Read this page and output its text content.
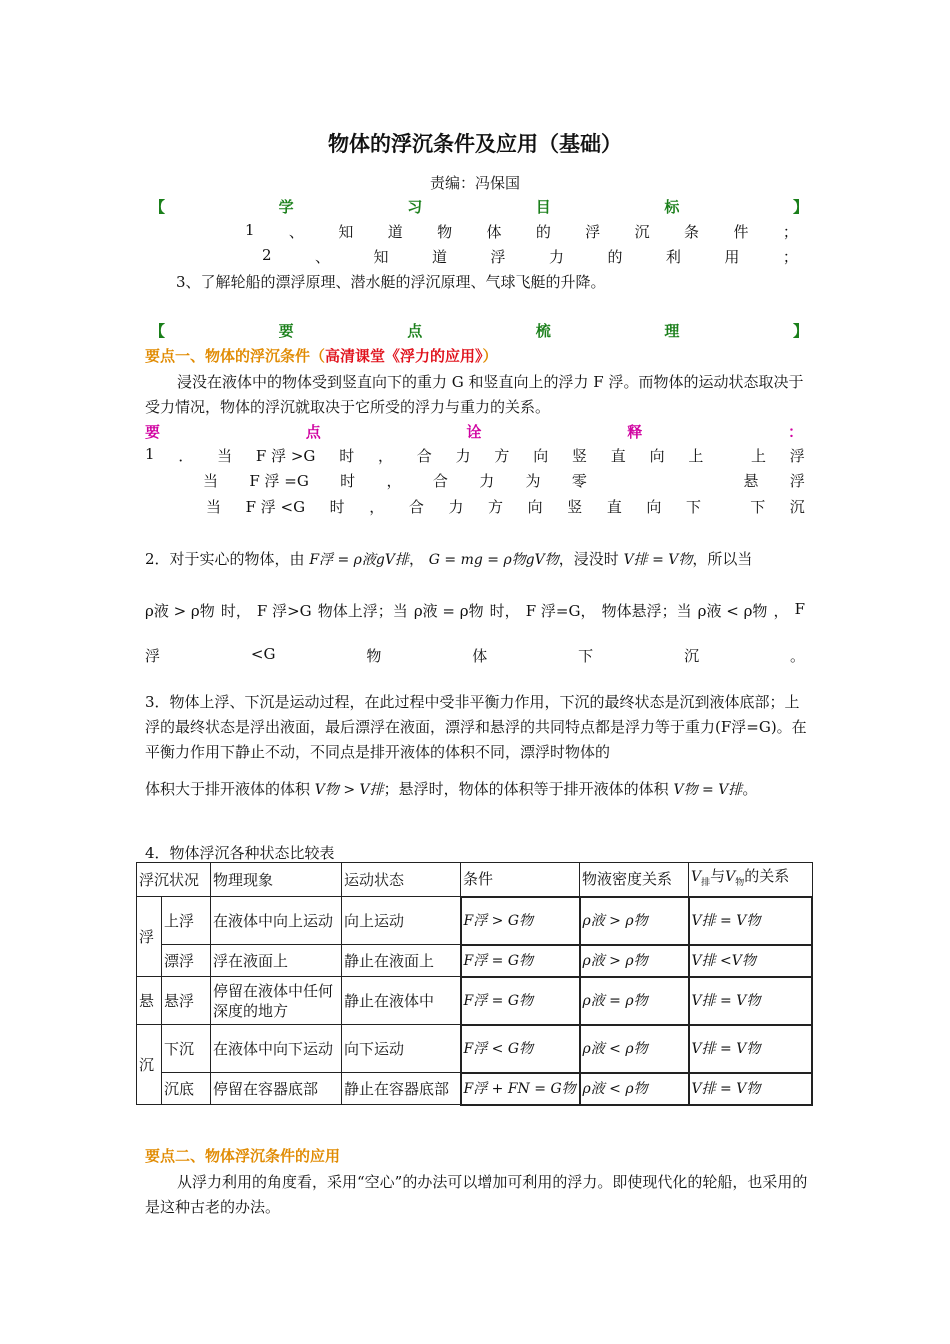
物体的浮沉条件及应用（基础）
责编：冯保国
【	学	习	目	标	】
1 、 知 道 物 体 的 浮 沉 条 件 ；
2	、	知	道	浮	力	的	利	用	；
3、了解轮船的漂浮原理、潜水艇的浮沉原理、气球飞艇的升降。
【	要	点	梳	理	】
要点一、物体的浮沉条件（高清课堂《浮力的应用》）
浸没在液体中的物体受到竖直向下的重力 G 和竖直向上的浮力 F 浮。而物体的运动状态取决于受力情况，物体的浮沉就取决于它所受的浮力与重力的关系。
要	点	诠	释	：
1 ． 当 F 浮 >G 时 ， 合 力 方 向 竖 直 向 上	上 浮
当 F 浮 =G 时 ， 合 力 为 零	悬 浮
当 F 浮 <G 时 ， 合 力 方 向 竖 直 向 下	下 沉
2．对于实心的物体，由 F浮 = ρ液gV排， G = mg = ρ物gV物，浸没时 V排 = V物，所以当
ρ液 > ρ物 时， F 浮>G 物体上浮；当 ρ液 = ρ物 时， F 浮=G， 物体悬浮；当 ρ液 < ρ物 ， F
浮	<G	物	体	下	沉	。
3．物体上浮、下沉是运动过程，在此过程中受非平衡力作用，下沉的最终状态是沉到液体底部；上浮的最终状态是浮出液面，最后漂浮在液面，漂浮和悬浮的共同特点都是浮力等于重力(F浮=G)。在平衡力作用下静止不动，不同点是排开液体的体积不同，漂浮时物体的
体积大于排开液体的体积 V物 > V排；悬浮时，物体的体积等于排开液体的体积 V物 = V排。
4．物体浮沉各种状态比较表
浮沉状况		物理现象	运动状态	条件	物液密度关系	$V_排$与$V_物$的关系
浮	上浮	在液体中向上运动	向上运动	F浮 > G物	ρ液 > ρ物	V排 = V物
	漂浮	浮在液面上	静止在液面上	F浮 = G物	ρ液 > ρ物	V排 <V物
悬	悬浮	停留在液体中任何深度的地方	静止在液体中	F浮 = G物	ρ液 = ρ物	V排 = V物
沉	下沉	在液体中向下运动	向下运动	F浮 < G物	ρ液 < ρ物	V排 = V物
	沉底	停留在容器底部	静止在容器底部	F浮 + FN = G物	ρ液 < ρ物	V排 = V物
要点二、物体浮沉条件的应用
从浮力利用的角度看，采用“空心”的办法可以增加可利用的浮力。即使现代化的轮船，也采用的是这种古老的办法。
